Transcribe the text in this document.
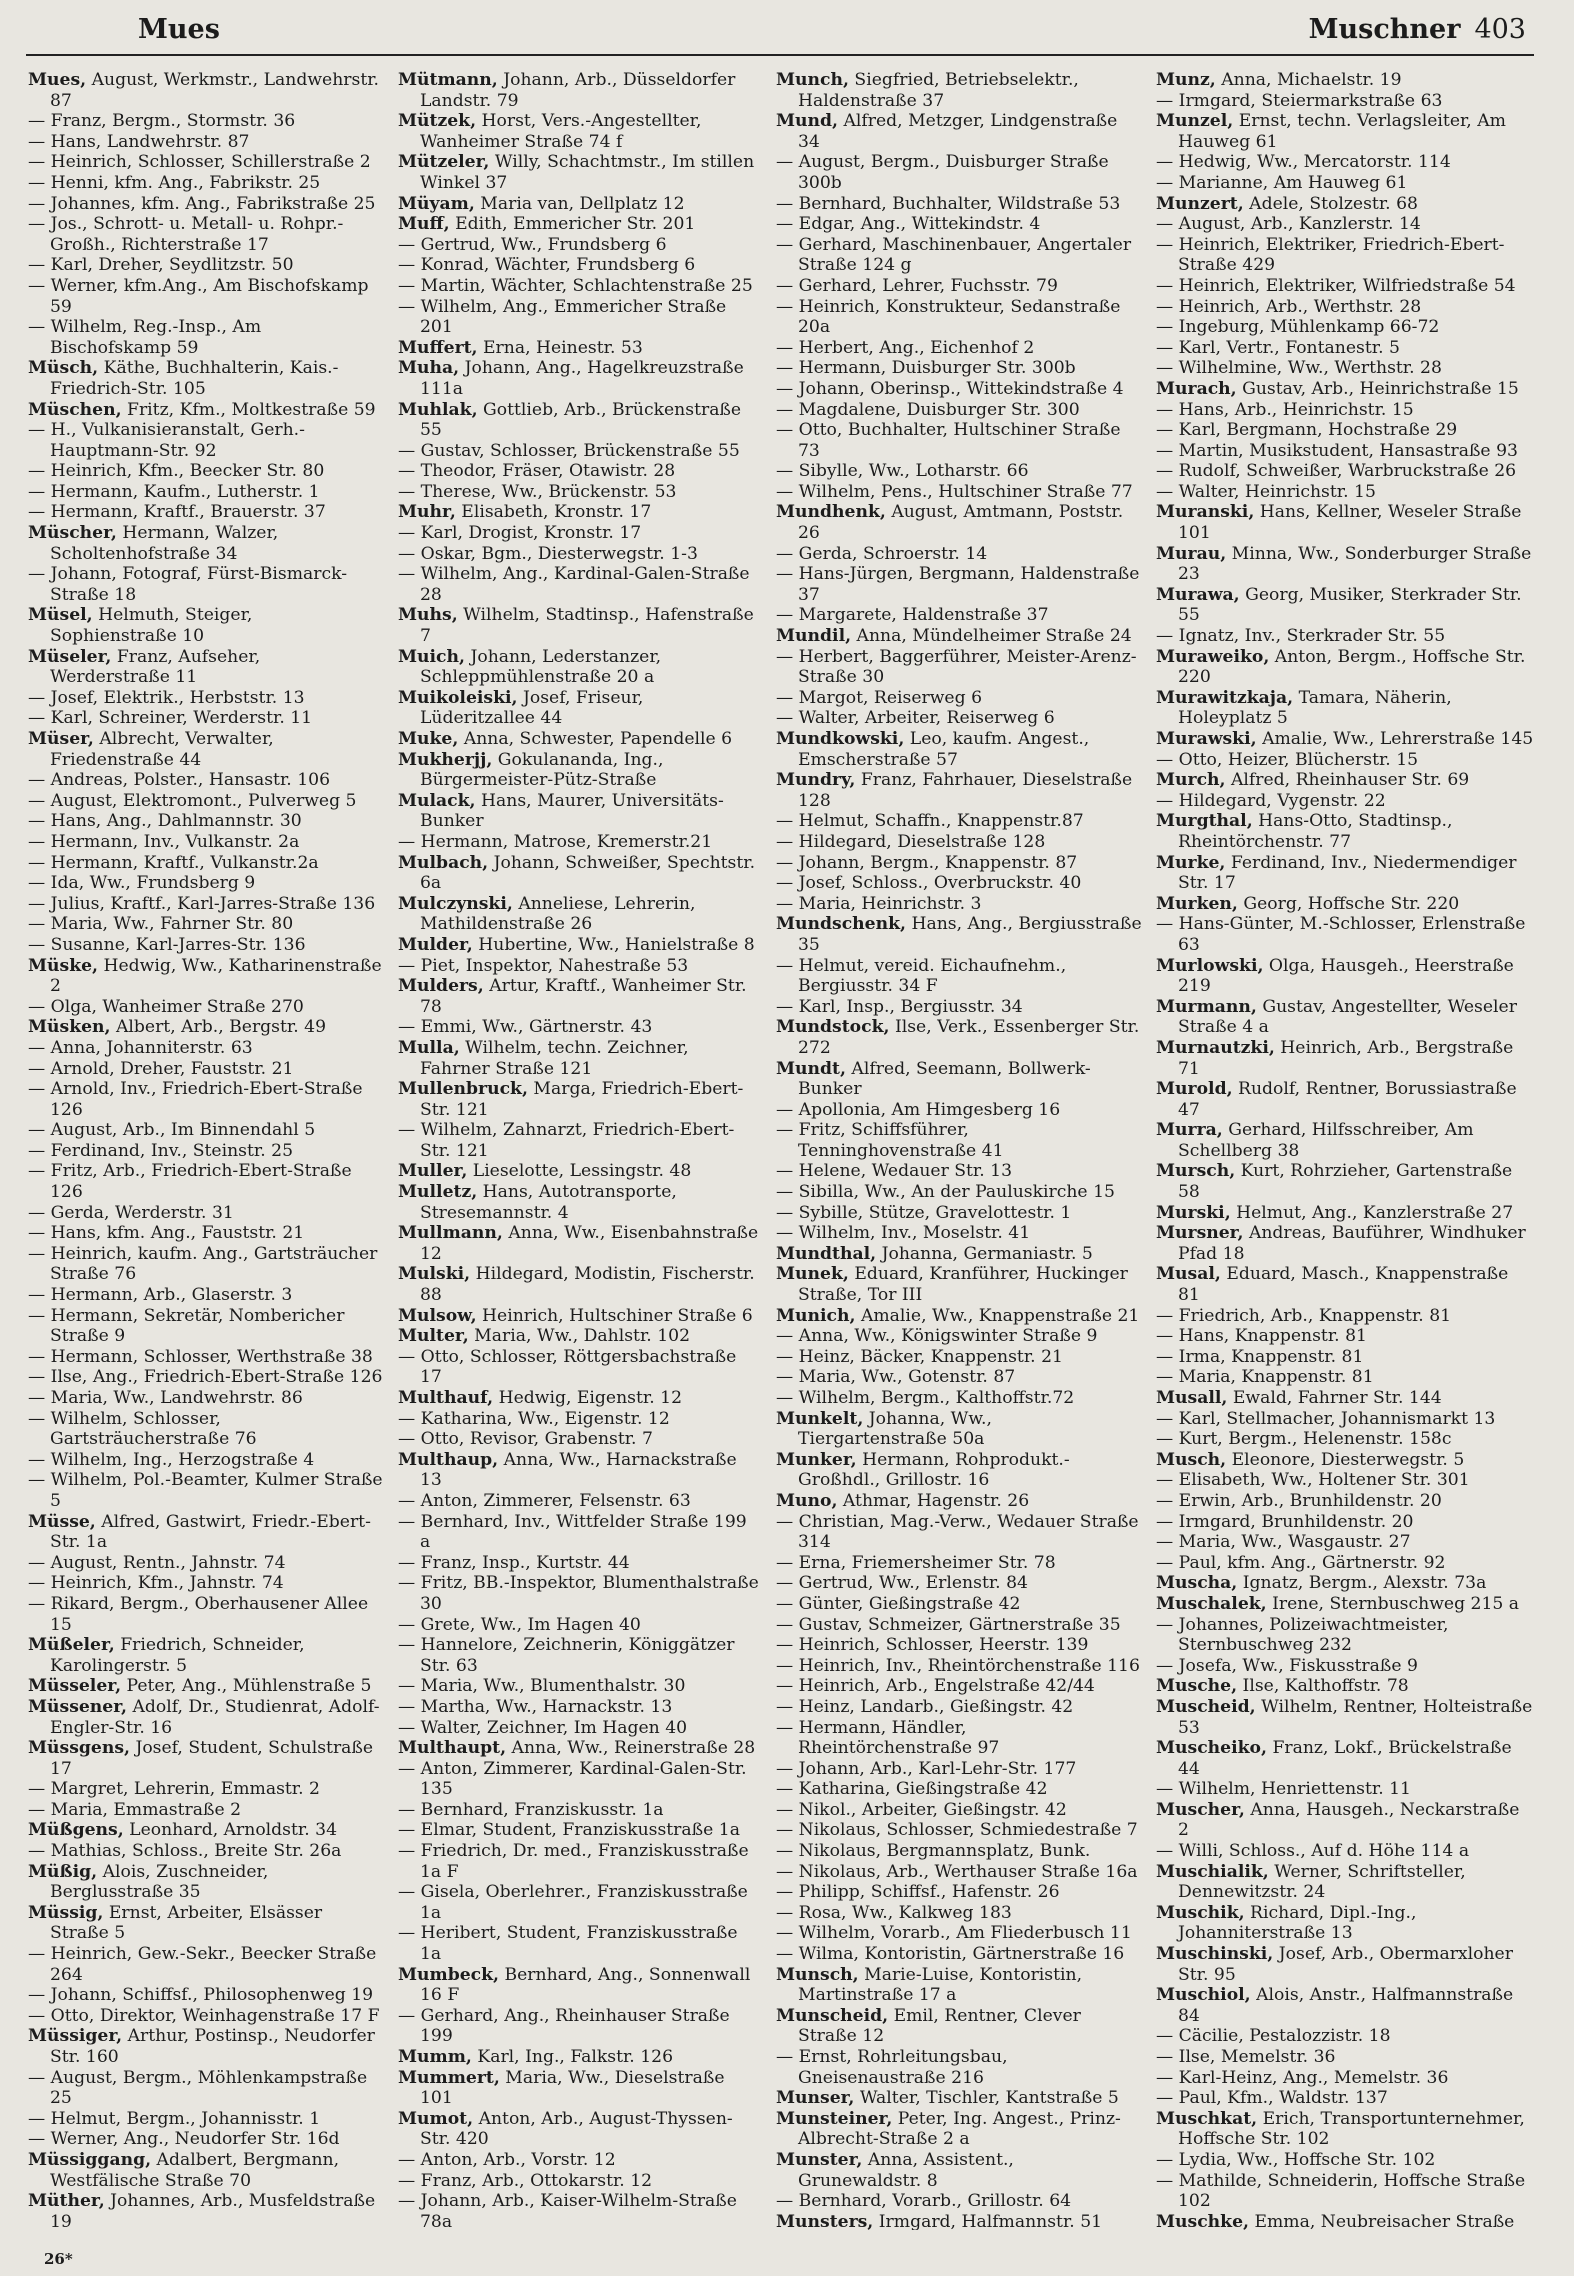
Mues	Muschner 403

Mues, August, Werkmstr., Landwehrstr. 87

— Franz, Bergm., Stormstr. 36

— Hans, Landwehrstr. 87

— Heinrich, Schlosser, Schillerstraße 2

— Henni, kfm. Ang., Fabrikstr. 25

— Johannes, kfm. Ang., Fabrikstraße 25

— Jos., Schrott- u. Metall- u. Rohpr.-Großh., Richterstraße 17

— Karl, Dreher, Seydlitzstr. 50

— Werner, kfm.Ang., Am Bischofskamp 59

— Wilhelm, Reg.-Insp., Am Bischofskamp 59

Müsch, Käthe, Buchhalterin, Kais.-Friedrich-Str. 105

Müschen, Fritz, Kfm., Moltkestraße 59

— H., Vulkanisieranstalt, Gerh.-Hauptmann-Str. 92

— Heinrich, Kfm., Beecker Str. 80

— Hermann, Kaufm., Lutherstr. 1

— Hermann, Kraftf., Brauerstr. 37

Müscher, Hermann, Walzer, Scholtenhofstraße 34

— Johann, Fotograf, Fürst-Bismarck-Straße 18

Müsel, Helmuth, Steiger, Sophienstraße 10

Müseler, Franz, Aufseher, Werderstraße 11

— Josef, Elektrik., Herbststr. 13

— Karl, Schreiner, Werderstr. 11

Müser, Albrecht, Verwalter, Friedenstraße 44

— Andreas, Polster., Hansastr. 106

— August, Elektromont., Pulverweg 5

— Hans, Ang., Dahlmannstr. 30

— Hermann, Inv., Vulkanstr. 2a

— Hermann, Kraftf., Vulkanstr.2a

— Ida, Ww., Frundsberg 9

— Julius, Kraftf., Karl-Jarres-Straße 136

— Maria, Ww., Fahrner Str. 80

— Susanne, Karl-Jarres-Str. 136

Müske, Hedwig, Ww., Katharinenstraße 2

— Olga, Wanheimer Straße 270

Müsken, Albert, Arb., Bergstr. 49

— Anna, Johanniterstr. 63

— Arnold, Dreher, Fauststr. 21

— Arnold, Inv., Friedrich-Ebert-Straße 126

— August, Arb., Im Binnendahl 5

— Ferdinand, Inv., Steinstr. 25

— Fritz, Arb., Friedrich-Ebert-Straße 126

— Gerda, Werderstr. 31

— Hans, kfm. Ang., Fauststr. 21

— Heinrich, kaufm. Ang., Gartsträucher Straße 76

— Hermann, Arb., Glaserstr. 3

— Hermann, Sekretär, Nombericher Straße 9

— Hermann, Schlosser, Werthstraße 38

— Ilse, Ang., Friedrich-Ebert-Straße 126

— Maria, Ww., Landwehrstr. 86

— Wilhelm, Schlosser, Gartsträucherstraße 76

— Wilhelm, Ing., Herzogstraße 4

— Wilhelm, Pol.-Beamter, Kulmer Straße 5

Müsse, Alfred, Gastwirt, Friedr.-Ebert-Str. 1a

— August, Rentn., Jahnstr. 74

— Heinrich, Kfm., Jahnstr. 74

— Rikard, Bergm., Oberhausener Allee 15

Müßeler, Friedrich, Schneider, Karolingerstr. 5

Müsseler, Peter, Ang., Mühlenstraße 5

Müssener, Adolf, Dr., Studienrat, Adolf-Engler-Str. 16

Müssgens, Josef, Student, Schulstraße 17

— Margret, Lehrerin, Emmastr. 2

— Maria, Emmastraße 2

Müßgens, Leonhard, Arnoldstr. 34

— Mathias, Schloss., Breite Str. 26a

Müßig, Alois, Zuschneider, Berglusstraße 35

Müssig, Ernst, Arbeiter, Elsässer Straße 5

— Heinrich, Gew.-Sekr., Beecker Straße 264

— Johann, Schiffsf., Philosophenweg 19

— Otto, Direktor, Weinhagenstraße 17 F

Müssiger, Arthur, Postinsp., Neudorfer Str. 160

— August, Bergm., Möhlenkampstraße 25

— Helmut, Bergm., Johannisstr. 1

— Werner, Ang., Neudorfer Str. 16d

Müssiggang, Adalbert, Bergmann, Westfälische Straße 70

Müther, Johannes, Arb., Musfeldstraße 19

Mütmann, Johann, Arb., Düsseldorfer Landstr. 79

Mützek, Horst, Vers.-Angestellter, Wanheimer Straße 74 f

Mützeler, Willy, Schachtmstr., Im stillen Winkel 37

Müyam, Maria van, Dellplatz 12

Muff, Edith, Emmericher Str. 201

— Gertrud, Ww., Frundsberg 6

— Konrad, Wächter, Frundsberg 6

— Martin, Wächter, Schlachtenstraße 25

— Wilhelm, Ang., Emmericher Straße 201

Muffert, Erna, Heinestr. 53

Muha, Johann, Ang., Hagelkreuzstraße 111a

Muhlak, Gottlieb, Arb., Brückenstraße 55

— Gustav, Schlosser, Brückenstraße 55

— Theodor, Fräser, Otawistr. 28

— Therese, Ww., Brückenstr. 53

Muhr, Elisabeth, Kronstr. 17

— Karl, Drogist, Kronstr. 17

— Oskar, Bgm., Diesterwegstr. 1-3

— Wilhelm, Ang., Kardinal-Galen-Straße 28

Muhs, Wilhelm, Stadtinsp., Hafenstraße 7

Muich, Johann, Lederstanzer, Schleppmühlenstraße 20 a

Muikoleiski, Josef, Friseur, Lüderitzallee 44

Muke, Anna, Schwester, Papendelle 6

Mukherjj, Gokulananda, Ing., Bürgermeister-Pütz-Straße

Mulack, Hans, Maurer, Universitäts-Bunker

— Hermann, Matrose, Kremerstr.21

Mulbach, Johann, Schweißer, Spechtstr. 6a

Mulczynski, Anneliese, Lehrerin, Mathildenstraße 26

Mulder, Hubertine, Ww., Hanielstraße 8

— Piet, Inspektor, Nahestraße 53

Mulders, Artur, Kraftf., Wanheimer Str. 78

— Emmi, Ww., Gärtnerstr. 43

Mulla, Wilhelm, techn. Zeichner, Fahrner Straße 121

Mullenbruck, Marga, Friedrich-Ebert-Str. 121

— Wilhelm, Zahnarzt, Friedrich-Ebert-Str. 121

Muller, Lieselotte, Lessingstr. 48

Mulletz, Hans, Autotransporte, Stresemannstr. 4

Mullmann, Anna, Ww., Eisenbahnstraße 12

Mulski, Hildegard, Modistin, Fischerstr. 88

Mulsow, Heinrich, Hultschiner Straße 6

Multer, Maria, Ww., Dahlstr. 102

— Otto, Schlosser, Röttgersbachstraße 17

Multhauf, Hedwig, Eigenstr. 12

— Katharina, Ww., Eigenstr. 12

— Otto, Revisor, Grabenstr. 7

Multhaup, Anna, Ww., Harnackstraße 13

— Anton, Zimmerer, Felsenstr. 63

— Bernhard, Inv., Wittfelder Straße 199 a

— Franz, Insp., Kurtstr. 44

— Fritz, BB.-Inspektor, Blumenthalstraße 30

— Grete, Ww., Im Hagen 40

— Hannelore, Zeichnerin, Königgätzer Str. 63

— Maria, Ww., Blumenthalstr. 30

— Martha, Ww., Harnackstr. 13

— Walter, Zeichner, Im Hagen 40

Multhaupt, Anna, Ww., Reinerstraße 28

— Anton, Zimmerer, Kardinal-Galen-Str. 135

— Bernhard, Franziskusstr. 1a

— Elmar, Student, Franziskusstraße 1a

— Friedrich, Dr. med., Franziskusstraße 1a F

— Gisela, Oberlehrer., Franziskusstraße 1a

— Heribert, Student, Franziskusstraße 1a

Mumbeck, Bernhard, Ang., Sonnenwall 16 F

— Gerhard, Ang., Rheinhauser Straße 199

Mumm, Karl, Ing., Falkstr. 126

Mummert, Maria, Ww., Dieselstraße 101

Mumot, Anton, Arb., August-Thyssen-Str. 420

— Anton, Arb., Vorstr. 12

— Franz, Arb., Ottokarstr. 12

— Johann, Arb., Kaiser-Wilhelm-Straße 78a

Munch, Siegfried, Betriebselektr., Haldenstraße 37

Mund, Alfred, Metzger, Lindgenstraße 34

— August, Bergm., Duisburger Straße 300b

— Bernhard, Buchhalter, Wildstraße 53

— Edgar, Ang., Wittekindstr. 4

— Gerhard, Maschinenbauer, Angertaler Straße 124 g

— Gerhard, Lehrer, Fuchsstr. 79

— Heinrich, Konstrukteur, Sedanstraße 20a

— Herbert, Ang., Eichenhof 2

— Hermann, Duisburger Str. 300b

— Johann, Oberinsp., Wittekindstraße 4

— Magdalene, Duisburger Str. 300

— Otto, Buchhalter, Hultschiner Straße 73

— Sibylle, Ww., Lotharstr. 66

— Wilhelm, Pens., Hultschiner Straße 77

Mundhenk, August, Amtmann, Poststr. 26

— Gerda, Schroerstr. 14

— Hans-Jürgen, Bergmann, Haldenstraße 37

— Margarete, Haldenstraße 37

Mundil, Anna, Mündelheimer Straße 24

— Herbert, Baggerführer, Meister-Arenz-Straße 30

— Margot, Reiserweg 6

— Walter, Arbeiter, Reiserweg 6

Mundkowski, Leo, kaufm. Angest., Emscherstraße 57

Mundry, Franz, Fahrhauer, Dieselstraße 128

— Helmut, Schaffn., Knappenstr.87

— Hildegard, Dieselstraße 128

— Johann, Bergm., Knappenstr. 87

— Josef, Schloss., Overbruckstr. 40

— Maria, Heinrichstr. 3

Mundschenk, Hans, Ang., Bergiusstraße 35

— Helmut, vereid. Eichaufnehm., Bergiusstr. 34 F

— Karl, Insp., Bergiusstr. 34

Mundstock, Ilse, Verk., Essenberger Str. 272

Mundt, Alfred, Seemann, Bollwerk-Bunker

— Apollonia, Am Himgesberg 16

— Fritz, Schiffsführer, Tenninghovenstraße 41

— Helene, Wedauer Str. 13

— Sibilla, Ww., An der Pauluskirche 15

— Sybille, Stütze, Gravelottestr. 1

— Wilhelm, Inv., Moselstr. 41

Mundthal, Johanna, Germaniastr. 5

Munek, Eduard, Kranführer, Huckinger Straße, Tor III

Munich, Amalie, Ww., Knappenstraße 21

— Anna, Ww., Königswinter Straße 9

— Heinz, Bäcker, Knappenstr. 21

— Maria, Ww., Gotenstr. 87

— Wilhelm, Bergm., Kalthoffstr.72

Munkelt, Johanna, Ww., Tiergartenstraße 50a

Munker, Hermann, Rohprodukt.-Großhdl., Grillostr. 16

Muno, Athmar, Hagenstr. 26

— Christian, Mag.-Verw., Wedauer Straße 314

— Erna, Friemersheimer Str. 78

— Gertrud, Ww., Erlenstr. 84

— Günter, Gießingstraße 42

— Gustav, Schmeizer, Gärtnerstraße 35

— Heinrich, Schlosser, Heerstr. 139

— Heinrich, Inv., Rheintörchenstraße 116

— Heinrich, Arb., Engelstraße 42/44

— Heinz, Landarb., Gießingstr. 42

— Hermann, Händler, Rheintörchenstraße 97

— Johann, Arb., Karl-Lehr-Str. 177

— Katharina, Gießingstraße 42

— Nikol., Arbeiter, Gießingstr. 42

— Nikolaus, Schlosser, Schmiedestraße 7

— Nikolaus, Bergmannsplatz, Bunk.

— Nikolaus, Arb., Werthauser Straße 16a

— Philipp, Schiffsf., Hafenstr. 26

— Rosa, Ww., Kalkweg 183

— Wilhelm, Vorarb., Am Fliederbusch 11

— Wilma, Kontoristin, Gärtnerstraße 16

Munsch, Marie-Luise, Kontoristin, Martinstraße 17 a

Munscheid, Emil, Rentner, Clever Straße 12

— Ernst, Rohrleitungsbau, Gneisenaustraße 216

Munser, Walter, Tischler, Kantstraße 5

Munsteiner, Peter, Ing. Angest., Prinz-Albrecht-Straße 2 a

Munster, Anna, Assistent., Grunewaldstr. 8

— Bernhard, Vorarb., Grillostr. 64

Munsters, Irmgard, Halfmannstr. 51

Munz, Anna, Michaelstr. 19

— Irmgard, Steiermarkstraße 63

Munzel, Ernst, techn. Verlagsleiter, Am Hauweg 61

— Hedwig, Ww., Mercatorstr. 114

— Marianne, Am Hauweg 61

Munzert, Adele, Stolzestr. 68

— August, Arb., Kanzlerstr. 14

— Heinrich, Elektriker, Friedrich-Ebert-Straße 429

— Heinrich, Elektriker, Wilfriedstraße 54

— Heinrich, Arb., Werthstr. 28

— Ingeburg, Mühlenkamp 66-72

— Karl, Vertr., Fontanestr. 5

— Wilhelmine, Ww., Werthstr. 28

Murach, Gustav, Arb., Heinrichstraße 15

— Hans, Arb., Heinrichstr. 15

— Karl, Bergmann, Hochstraße 29

— Martin, Musikstudent, Hansastraße 93

— Rudolf, Schweißer, Warbruckstraße 26

— Walter, Heinrichstr. 15

Muranski, Hans, Kellner, Weseler Straße 101

Murau, Minna, Ww., Sonderburger Straße 23

Murawa, Georg, Musiker, Sterkrader Str. 55

— Ignatz, Inv., Sterkrader Str. 55

Muraweiko, Anton, Bergm., Hoffsche Str. 220

Murawitzkaja, Tamara, Näherin, Holeyplatz 5

Murawski, Amalie, Ww., Lehrerstraße 145

— Otto, Heizer, Blücherstr. 15

Murch, Alfred, Rheinhauser Str. 69

— Hildegard, Vygenstr. 22

Murgthal, Hans-Otto, Stadtinsp., Rheintörchenstr. 77

Murke, Ferdinand, Inv., Niedermendiger Str. 17

Murken, Georg, Hoffsche Str. 220

— Hans-Günter, M.-Schlosser, Erlenstraße 63

Murlowski, Olga, Hausgeh., Heerstraße 219

Murmann, Gustav, Angestellter, Weseler Straße 4 a

Murnautzki, Heinrich, Arb., Bergstraße 71

Murold, Rudolf, Rentner, Borussiastraße 47

Murra, Gerhard, Hilfsschreiber, Am Schellberg 38

Mursch, Kurt, Rohrzieher, Gartenstraße 58

Murski, Helmut, Ang., Kanzlerstraße 27

Mursner, Andreas, Bauführer, Windhuker Pfad 18

Musal, Eduard, Masch., Knappenstraße 81

— Friedrich, Arb., Knappenstr. 81

— Hans, Knappenstr. 81

— Irma, Knappenstr. 81

— Maria, Knappenstr. 81

Musall, Ewald, Fahrner Str. 144

— Karl, Stellmacher, Johannismarkt 13

— Kurt, Bergm., Helenenstr. 158c

Musch, Eleonore, Diesterwegstr. 5

— Elisabeth, Ww., Holtener Str. 301

— Erwin, Arb., Brunhildenstr. 20

— Irmgard, Brunhildenstr. 20

— Maria, Ww., Wasgaustr. 27

— Paul, kfm. Ang., Gärtnerstr. 92

Muscha, Ignatz, Bergm., Alexstr. 73a

Muschalek, Irene, Sternbuschweg 215 a

— Johannes, Polizeiwachtmeister, Sternbuschweg 232

— Josefa, Ww., Fiskusstraße 9

Musche, Ilse, Kalthoffstr. 78

Muscheid, Wilhelm, Rentner, Holteistraße 53

Muscheiko, Franz, Lokf., Brückelstraße 44

— Wilhelm, Henriettenstr. 11

Muscher, Anna, Hausgeh., Neckarstraße 2

— Willi, Schloss., Auf d. Höhe 114 a

Muschialik, Werner, Schriftsteller, Dennewitzstr. 24

Muschik, Richard, Dipl.-Ing., Johanniterstraße 13

Muschinski, Josef, Arb., Obermarxloher Str. 95

Muschiol, Alois, Anstr., Halfmannstraße 84

— Cäcilie, Pestalozzistr. 18

— Ilse, Memelstr. 36

— Karl-Heinz, Ang., Memelstr. 36

— Paul, Kfm., Waldstr. 137

Muschkat, Erich, Transportunternehmer, Hoffsche Str. 102

— Lydia, Ww., Hoffsche Str. 102

— Mathilde, Schneiderin, Hoffsche Straße 102

Muschke, Emma, Neubreisacher Straße

26*
